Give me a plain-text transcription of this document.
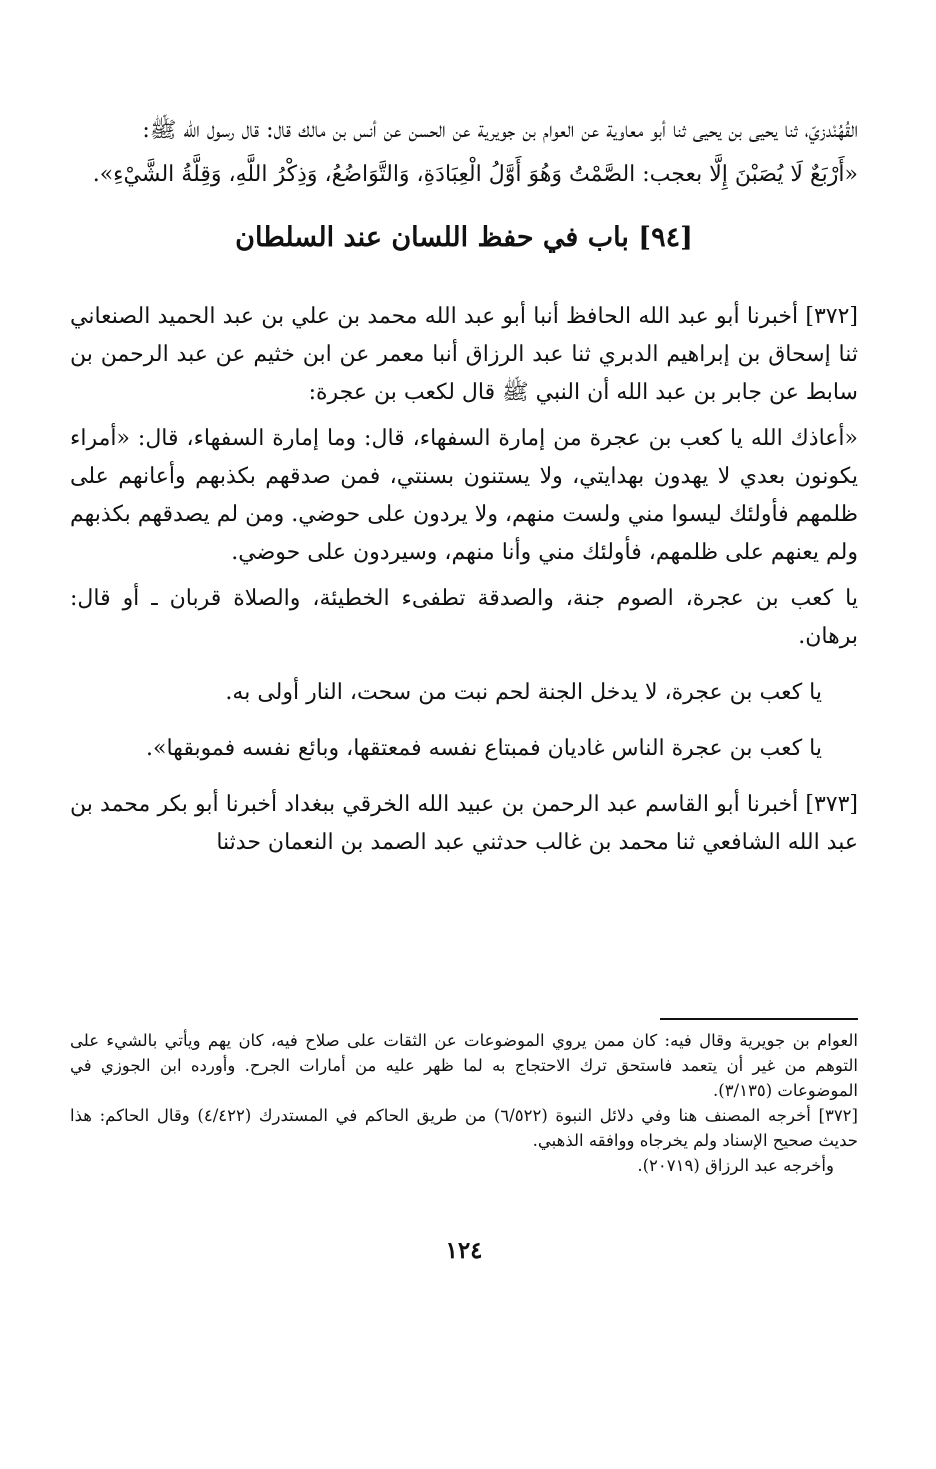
القُهُنْدزيّ، ثنا يحيى بن يحيى ثنا أبو معاوية عن العوام بن جويرية عن الحسن عن أنس بن مالك قال: قال رسول الله ﷺ:

«أَرْبَعٌ لَا يُصَبْنَ إِلَّا بعجب: الصَّمْتُ وَهُوَ أَوَّلُ الْعِبَادَةِ، وَالتَّوَاضُعُ، وَذِكْرُ اللَّهِ، وَقِلَّةُ الشَّيْءِ».

[٩٤] باب في حفظ اللسان عند السلطان

[٣٧٢] أخبرنا أبو عبد الله الحافظ أنبا أبو عبد الله محمد بن علي بن عبد الحميد الصنعاني ثنا إسحاق بن إبراهيم الدبري ثنا عبد الرزاق أنبا معمر عن ابن خثيم عن عبد الرحمن بن سابط عن جابر بن عبد الله أن النبي ﷺ قال لكعب بن عجرة:

«أعاذك الله يا كعب بن عجرة من إمارة السفهاء، قال: وما إمارة السفهاء، قال: «أمراء يكونون بعدي لا يهدون بهدايتي، ولا يستنون بسنتي، فمن صدقهم بكذبهم وأعانهم على ظلمهم فأولئك ليسوا مني ولست منهم، ولا يردون على حوضي. ومن لم يصدقهم بكذبهم ولم يعنهم على ظلمهم، فأولئك مني وأنا منهم، وسيردون على حوضي.

يا كعب بن عجرة، الصوم جنة، والصدقة تطفىء الخطيئة، والصلاة قربان ـ أو قال: برهان.

يا كعب بن عجرة، لا يدخل الجنة لحم نبت من سحت، النار أولى به.

يا كعب بن عجرة الناس غاديان فمبتاع نفسه فمعتقها، وبائع نفسه فموبقها».

[٣٧٣] أخبرنا أبو القاسم عبد الرحمن بن عبيد الله الخرقي ببغداد أخبرنا أبو بكر محمد بن عبد الله الشافعي ثنا محمد بن غالب حدثني عبد الصمد بن النعمان حدثنا

العوام بن جويرية وقال فيه: كان ممن يروي الموضوعات عن الثقات على صلاح فيه، كان يهم ويأتي بالشيء على التوهم من غير أن يتعمد فاستحق ترك الاحتجاج به لما ظهر عليه من أمارات الجرح. وأورده ابن الجوزي في الموضوعات (٣/١٣٥).

[٣٧٢] أخرجه المصنف هنا وفي دلائل النبوة (٦/٥٢٢) من طريق الحاكم في المستدرك (٤/٤٢٢) وقال الحاكم: هذا حديث صحيح الإسناد ولم يخرجاه ووافقه الذهبي.

وأخرجه عبد الرزاق (٢٠٧١٩).

١٢٤
